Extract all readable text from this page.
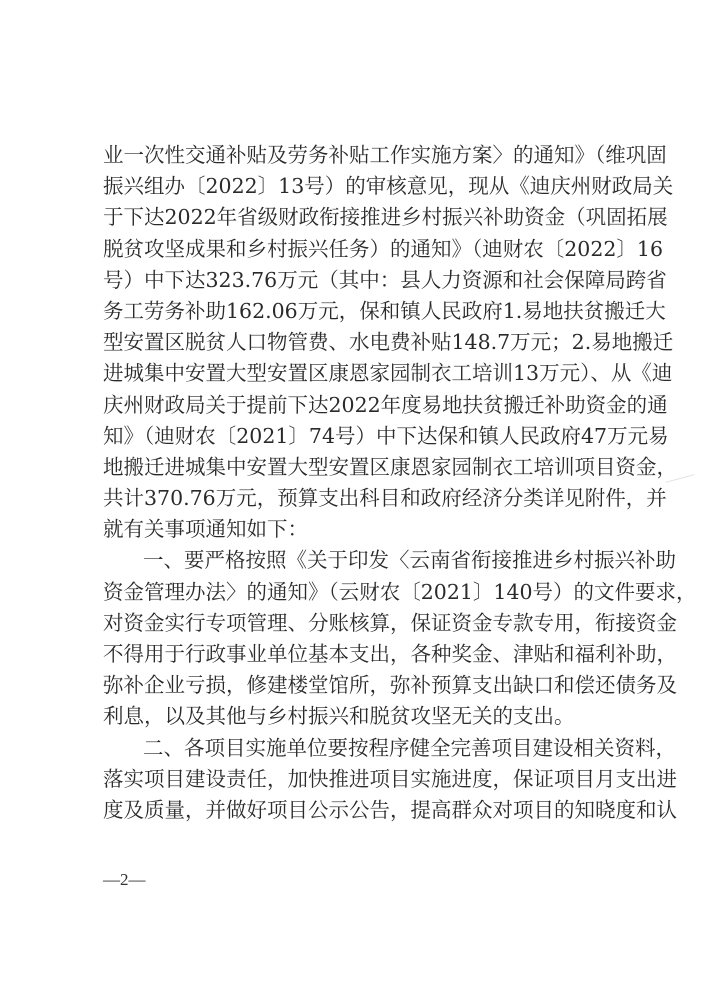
业一次性交通补贴及劳务补贴工作实施方案〉的通知》（维巩固
振兴组办〔2022〕13号）的审核意见，现从《迪庆州财政局关
于下达2022年省级财政衔接推进乡村振兴补助资金（巩固拓展
脱贫攻坚成果和乡村振兴任务）的通知》（迪财农〔2022〕16
号）中下达323.76万元（其中：县人力资源和社会保障局跨省
务工劳务补助162.06万元，保和镇人民政府1.易地扶贫搬迁大
型安置区脱贫人口物管费、水电费补贴148.7万元；2.易地搬迁
进城集中安置大型安置区康恩家园制衣工培训13万元）、从《迪
庆州财政局关于提前下达2022年度易地扶贫搬迁补助资金的通
知》（迪财农〔2021〕74号）中下达保和镇人民政府47万元易
地搬迁进城集中安置大型安置区康恩家园制衣工培训项目资金，
共计370.76万元，预算支出科目和政府经济分类详见附件，并
就有关事项通知如下：
一、要严格按照《关于印发〈云南省衔接推进乡村振兴补助
资金管理办法〉的通知》（云财农〔2021〕140号）的文件要求，
对资金实行专项管理、分账核算，保证资金专款专用，衔接资金
不得用于行政事业单位基本支出，各种奖金、津贴和福利补助，
弥补企业亏损，修建楼堂馆所，弥补预算支出缺口和偿还债务及
利息，以及其他与乡村振兴和脱贫攻坚无关的支出。
二、各项目实施单位要按程序健全完善项目建设相关资料，
落实项目建设责任，加快推进项目实施进度，保证项目月支出进
度及质量，并做好项目公示公告，提高群众对项目的知晓度和认
—2—
